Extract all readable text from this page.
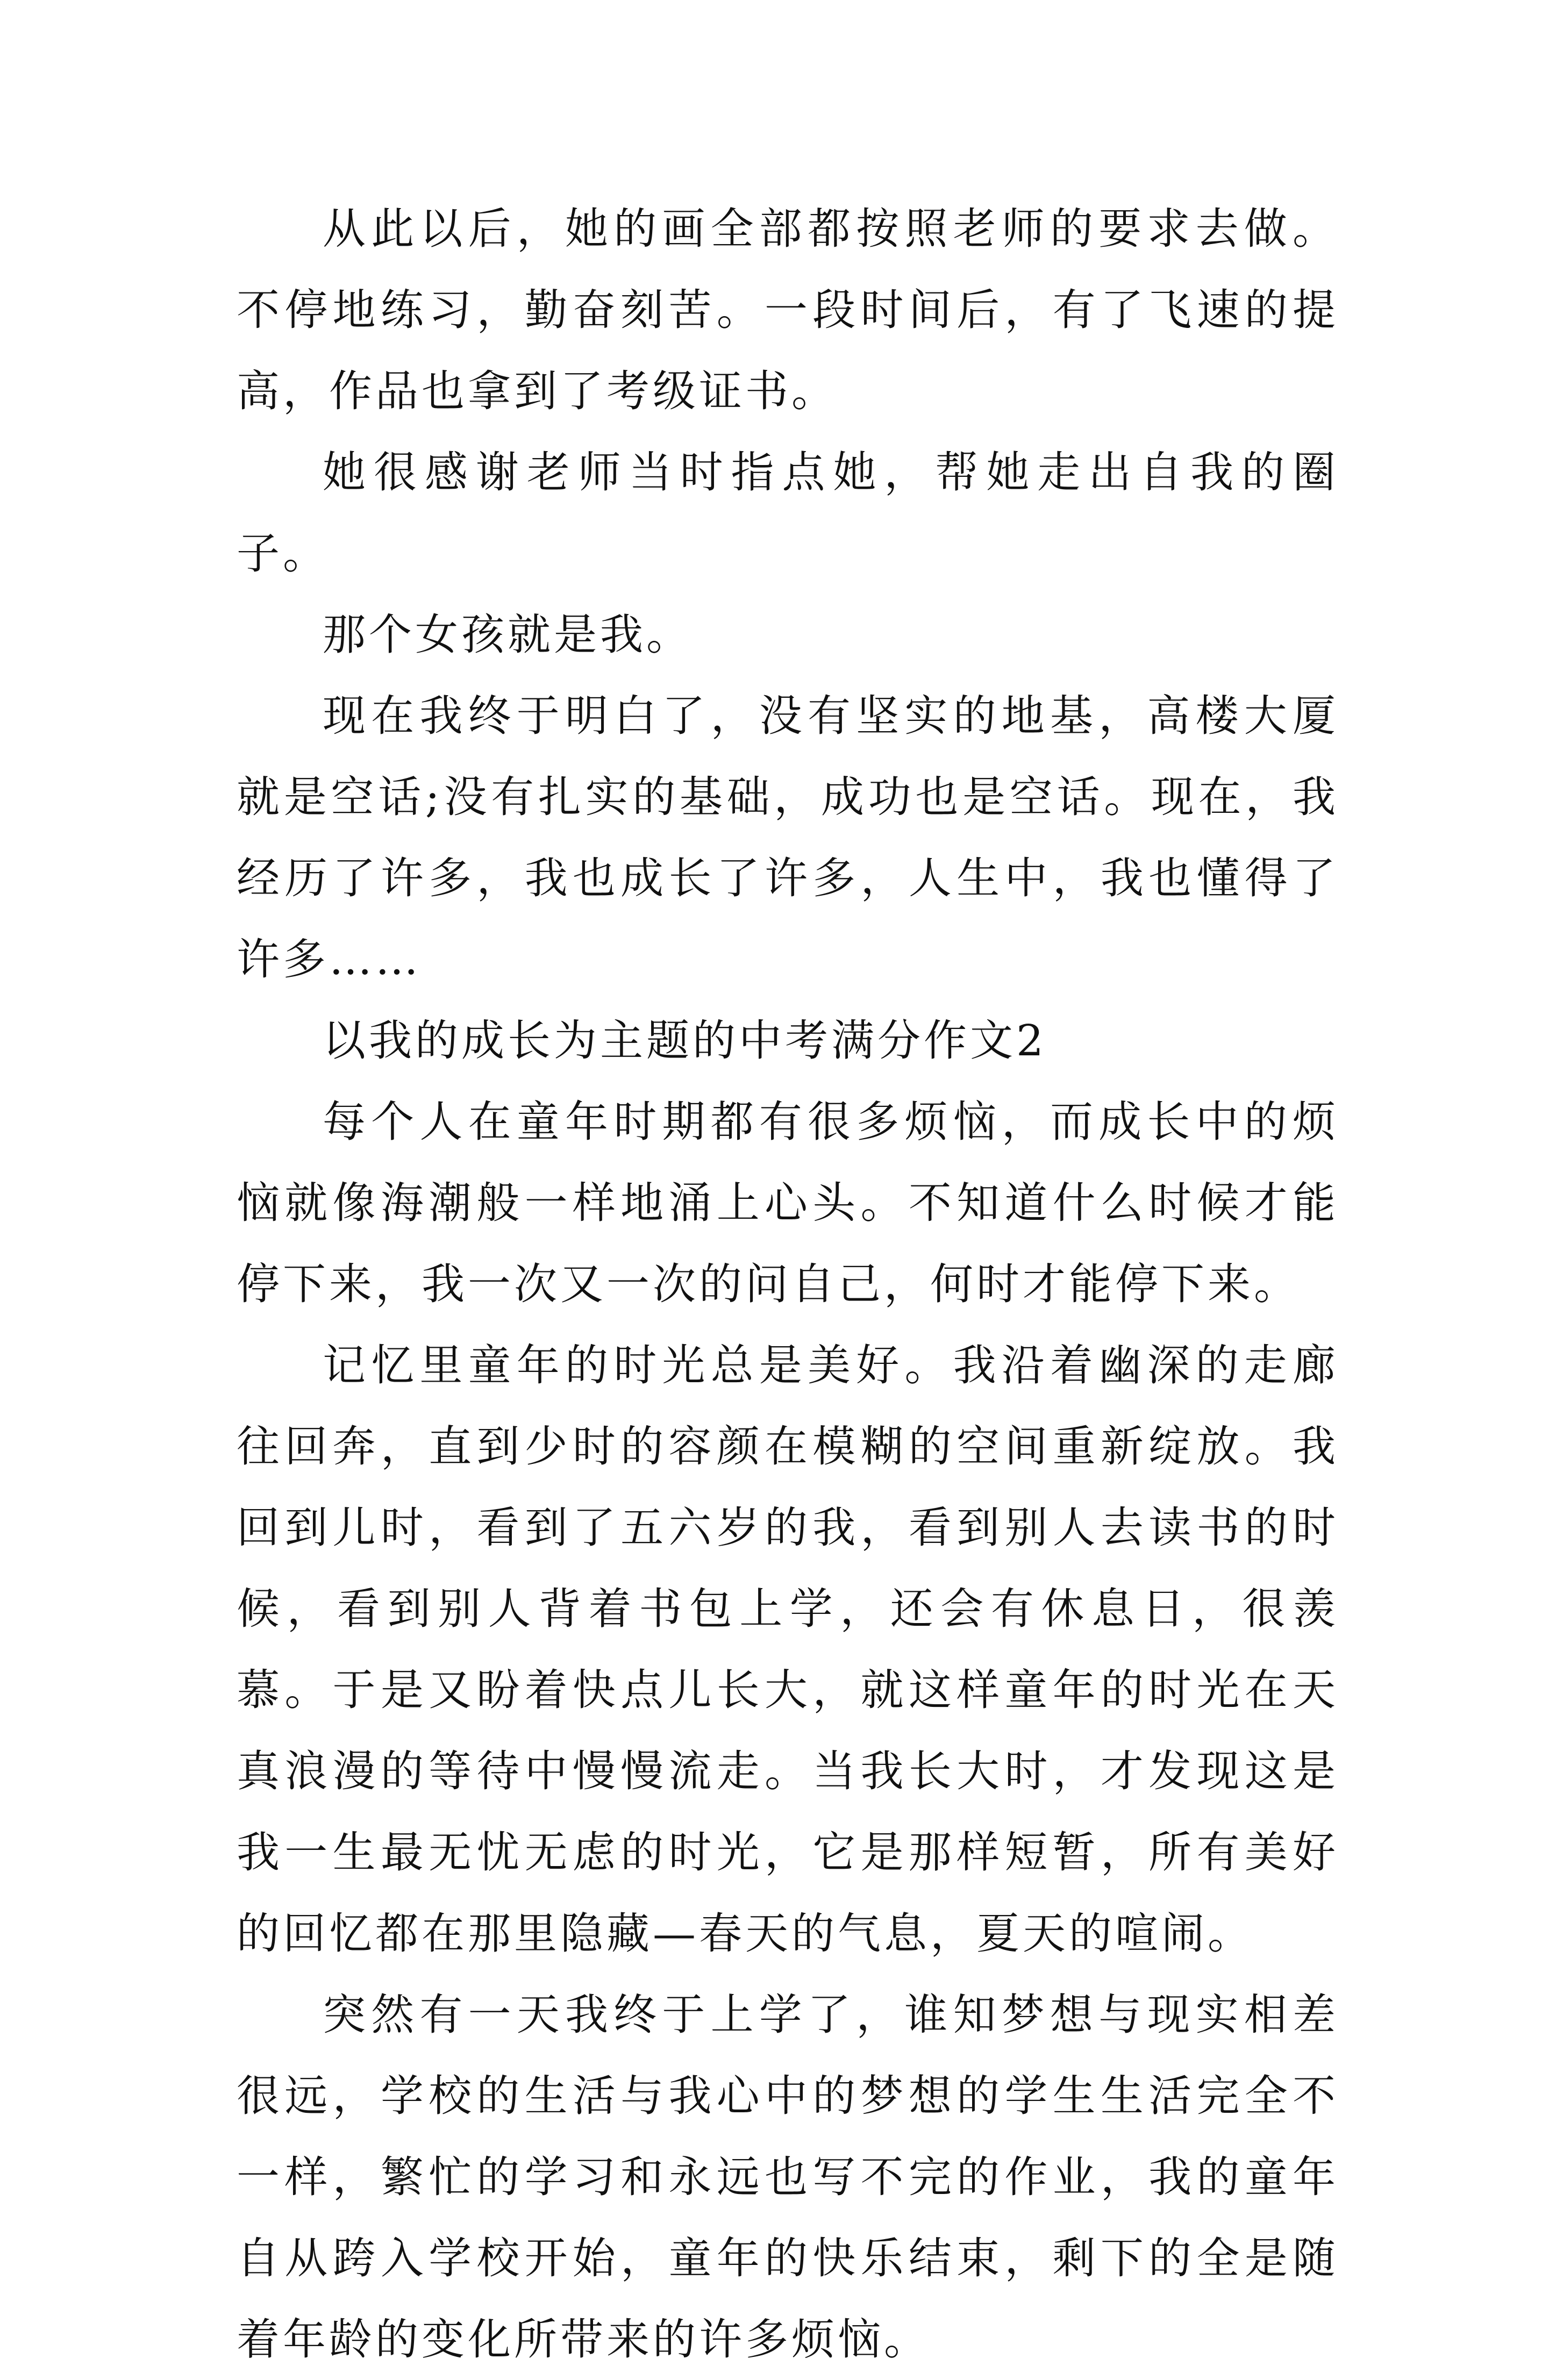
从此以后，她的画全部都按照老师的要求去做。不停地练习，勤奋刻苦。一段时间后，有了飞速的提高，作品也拿到了考级证书。

她很感谢老师当时指点她，帮她走出自我的圈子。

那个女孩就是我。

现在我终于明白了，没有坚实的地基，高楼大厦就是空话;没有扎实的基础，成功也是空话。现在，我经历了许多，我也成长了许多，人生中，我也懂得了许多……

以我的成长为主题的中考满分作文2

每个人在童年时期都有很多烦恼，而成长中的烦恼就像海潮般一样地涌上心头。不知道什么时候才能停下来，我一次又一次的问自己，何时才能停下来。

记忆里童年的时光总是美好。我沿着幽深的走廊往回奔，直到少时的容颜在模糊的空间重新绽放。我回到儿时，看到了五六岁的我，看到别人去读书的时候，看到别人背着书包上学，还会有休息日，很羡慕。于是又盼着快点儿长大，就这样童年的时光在天真浪漫的等待中慢慢流走。当我长大时，才发现这是我一生最无忧无虑的时光，它是那样短暂，所有美好的回忆都在那里隐藏—春天的气息，夏天的喧闹。

突然有一天我终于上学了，谁知梦想与现实相差很远，学校的生活与我心中的梦想的学生生活完全不一样，繁忙的学习和永远也写不完的作业，我的童年自从跨入学校开始，童年的快乐结束，剩下的全是随着年龄的变化所带来的许多烦恼。
